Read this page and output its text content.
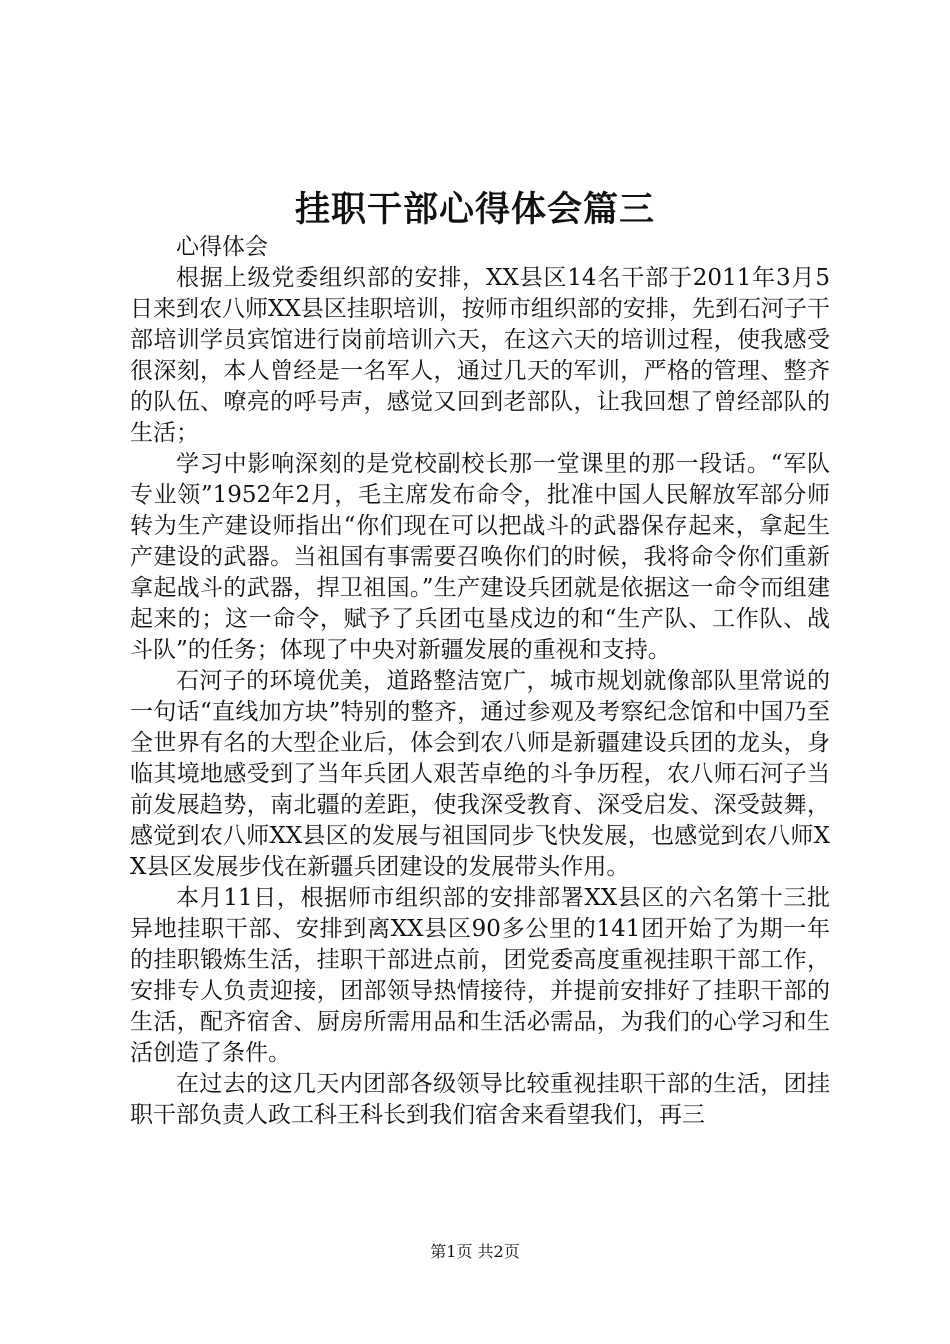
挂职干部心得体会篇三

心得体会

根据上级党委组织部的安排，XX县区14名干部于2011年3月5日来到农八师XX县区挂职培训，按师市组织部的安排，先到石河子干部培训学员宾馆进行岗前培训六天，在这六天的培训过程，使我感受很深刻，本人曾经是一名军人，通过几天的军训，严格的管理、整齐的队伍、嘹亮的呼号声，感觉又回到老部队，让我回想了曾经部队的生活；

学习中影响深刻的是党校副校长那一堂课里的那一段话。“军队专业领”1952年2月，毛主席发布命令，批准中国人民解放军部分师转为生产建设师指出“你们现在可以把战斗的武器保存起来，拿起生产建设的武器。当祖国有事需要召唤你们的时候，我将命令你们重新拿起战斗的武器，捍卫祖国。”生产建设兵团就是依据这一命令而组建起来的；这一命令，赋予了兵团屯垦戍边的和“生产队、工作队、战斗队”的任务；体现了中央对新疆发展的重视和支持。

石河子的环境优美，道路整洁宽广，城市规划就像部队里常说的一句话“直线加方块”特别的整齐，通过参观及考察纪念馆和中国乃至全世界有名的大型企业后，体会到农八师是新疆建设兵团的龙头，身临其境地感受到了当年兵团人艰苦卓绝的斗争历程，农八师石河子当前发展趋势，南北疆的差距，使我深受教育、深受启发、深受鼓舞，感觉到农八师XX县区的发展与祖国同步飞快发展，也感觉到农八师XX县区发展步伐在新疆兵团建设的发展带头作用。

本月11日，根据师市组织部的安排部署XX县区的六名第十三批异地挂职干部、安排到离XX县区90多公里的141团开始了为期一年的挂职锻炼生活，挂职干部进点前，团党委高度重视挂职干部工作，安排专人负责迎接，团部领导热情接待，并提前安排好了挂职干部的生活，配齐宿舍、厨房所需用品和生活必需品，为我们的心学习和生活创造了条件。

在过去的这几天内团部各级领导比较重视挂职干部的生活，团挂职干部负责人政工科王科长到我们宿舍来看望我们，再三

第1页 共2页
